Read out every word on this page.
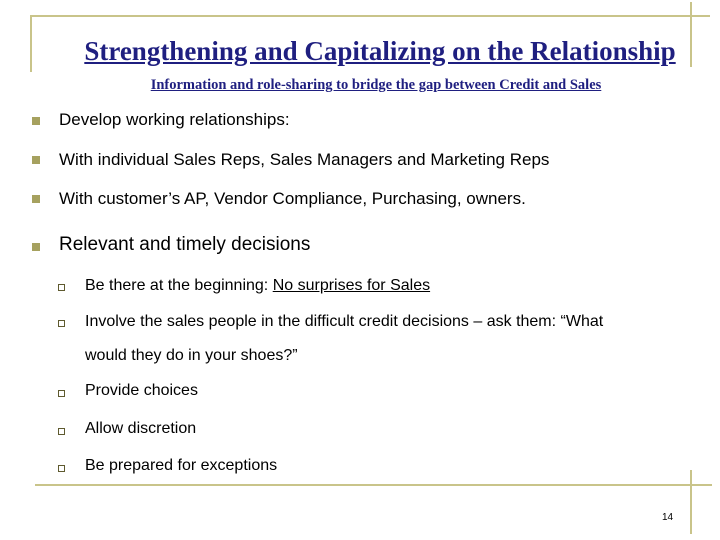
Strengthening and Capitalizing on the Relationship
Information and role-sharing to bridge the gap between Credit and Sales
Develop working relationships:
With individual Sales Reps, Sales Managers and Marketing Reps
With customer’s AP, Vendor Compliance, Purchasing, owners.
Relevant and timely decisions
Be there at the beginning: No surprises for Sales
Involve the sales people in the difficult credit decisions – ask them: “What
would they do in your shoes?”
Provide choices
Allow discretion
Be prepared for exceptions
14
